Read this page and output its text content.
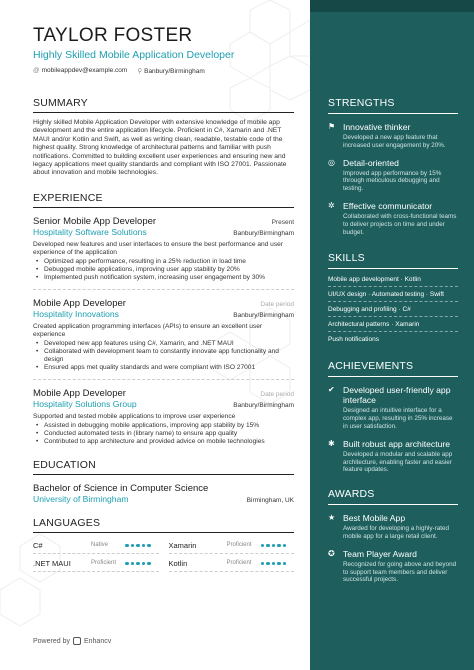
TAYLOR FOSTER
Highly Skilled Mobile Application Developer
@ mobileappdev@example.com ⚲ Banbury/Birmingham
SUMMARY
Highly skilled Mobile Application Developer with extensive knowledge of mobile app development and the entire application lifecycle. Proficient in C#, Xamarin and .NET MAUI and/or Kotlin and Swift, as well as writing clean, readable, testable code of the highest quality. Strong knowledge of architectural patterns and familiar with push notifications. Committed to building excellent user experiences and ensuring new and legacy applications meet quality standards and compliant with ISO 27001. Passionate about innovation and mobile technologies.
EXPERIENCE
Senior Mobile App Developer	Present
Hospitality Software Solutions	Banbury/Birmingham
Developed new features and user interfaces to ensure the best performance and user experience of the application
• Optimized app performance, resulting in a 25% reduction in load time
• Debugged mobile applications, improving user app stability by 20%
• Implemented push notification system, increasing user engagement by 30%
Mobile App Developer	Date period
Hospitality Innovations	Banbury/Birmingham
Created application programming interfaces (APIs) to ensure an excellent user experience
• Developed new app features using C#, Xamarin, and .NET MAUI
• Collaborated with development team to constantly innovate app functionality and design
• Ensured apps met quality standards and were compliant with ISO 27001
Mobile App Developer	Date period
Hospitality Solutions Group	Banbury/Birmingham
Supported and tested mobile applications to improve user experience
• Assisted in debugging mobile applications, improving app stability by 15%
• Conducted automated tests in (library name) to ensure app quality
• Contributed to app architecture and provided advice on mobile technologies
EDUCATION
Bachelor of Science in Computer Science
University of Birmingham	Birmingham, UK
LANGUAGES
C#	Native	Xamarin	Proficient
.NET MAUI	Proficient	Kotlin	Proficient
Powered by Enhancv
STRENGTHS
⚑ Innovative thinker
Developed a new app feature that increased user engagement by 20%.
◎ Detail-oriented
Improved app performance by 15% through meticulous debugging and testing.
✲ Effective communicator
Collaborated with cross-functional teams to deliver projects on time and under budget.
SKILLS
Mobile app development · Kotlin
UI/UX design · Automated testing · Swift
Debugging and profiling · C#
Architectural patterns · Xamarin
Push notifications
ACHIEVEMENTS
✔ Developed user-friendly app interface
Designed an intuitive interface for a complex app, resulting in 25% increase in user satisfaction.
✱ Built robust app architecture
Developed a modular and scalable app architecture, enabling faster and easier feature updates.
AWARDS
★ Best Mobile App
Awarded for developing a highly-rated mobile app for a large retail client.
✪ Team Player Award
Recognized for going above and beyond to support team members and deliver successful projects.
